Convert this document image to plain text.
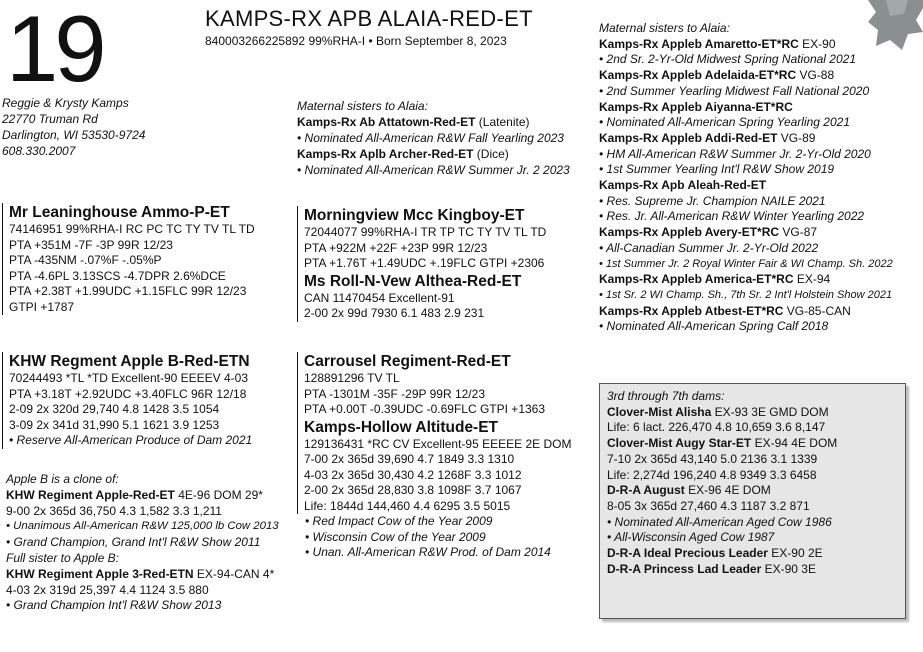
19
Reggie & Krysty Kamps
22770 Truman Rd
Darlington, WI 53530-9724
608.330.2007
KAMPS-RX APB ALAIA-RED-ET
840003266225892 99%RHA-I • Born September 8, 2023
Maternal sisters to Alaia:
Kamps-Rx Ab Attatown-Red-ET (Latenite)
• Nominated All-American R&W Fall Yearling 2023
Kamps-Rx Aplb Archer-Red-ET (Dice)
• Nominated All-American R&W Summer Jr. 2 2023
Mr Leaninghouse Ammo-P-ET
74146951 99%RHA-I RC PC TC TY TV TL TD
PTA +351M -7F -3P 99R 12/23
PTA -435NM -.07%F -.05%P
PTA -4.6PL 3.13SCS -4.7DPR 2.6%DCE
PTA +2.38T +1.99UDC +1.15FLC 99R 12/23
GTPI +1787
Morningview Mcc Kingboy-ET
72044077 99%RHA-I TR TP TC TY TV TL TD
PTA +922M +22F +23P 99R 12/23
PTA +1.76T +1.49UDC +.19FLC GTPI +2306
Ms Roll-N-Vew Althea-Red-ET
CAN 11470454 Excellent-91
2-00 2x 99d 7930 6.1 483 2.9 231
KHW Regment Apple B-Red-ETN
70244493 *TL *TD Excellent-90 EEEEV 4-03
PTA +3.18T +2.92UDC +3.40FLC 96R 12/18
2-09 2x 320d 29,740 4.8 1428 3.5 1054
3-09 2x 341d 31,990 5.1 1621 3.9 1253
• Reserve All-American Produce of Dam 2021
Apple B is a clone of:
KHW Regiment Apple-Red-ET 4E-96 DOM 29*
9-00 2x 365d 36,750 4.3 1,582 3.3 1,211
• Unanimous All-American R&W 125,000 lb Cow 2013
• Grand Champion, Grand Int'l R&W Show 2011
Full sister to Apple B:
KHW Regiment Apple 3-Red-ETN EX-94-CAN 4*
4-03 2x 319d 25,397 4.4 1124 3.5 880
• Grand Champion Int'l R&W Show 2013
Carrousel Regiment-Red-ET
128891296 TV TL
PTA -1301M -35F -29P 99R 12/23
PTA +0.00T -0.39UDC -0.69FLC GTPI +1363
Kamps-Hollow Altitude-ET
129136431 *RC CV Excellent-95 EEEEE 2E DOM
7-00 2x 365d 39,690 4.7 1849 3.3 1310
4-03 2x 365d 30,430 4.2 1268F 3.3 1012
2-00 2x 365d 28,830 3.8 1098F 3.7 1067
Life: 1844d 144,460 4.4 6295 3.5 5015
• Red Impact Cow of the Year 2009
• Wisconsin Cow of the Year 2009
• Unan. All-American R&W Prod. of Dam 2014
Maternal sisters to Alaia:
Kamps-Rx Appleb Amaretto-ET*RC EX-90
• 2nd Sr. 2-Yr-Old Midwest Spring National 2021
Kamps-Rx Appleb Adelaida-ET*RC VG-88
• 2nd Summer Yearling Midwest Fall National 2020
Kamps-Rx Appleb Aiyanna-ET*RC
• Nominated All-American Spring Yearling 2021
Kamps-Rx Appleb Addi-Red-ET VG-89
• HM All-American R&W Summer Jr. 2-Yr-Old 2020
• 1st Summer Yearling Int'l R&W Show 2019
Kamps-Rx Apb Aleah-Red-ET
• Res. Supreme Jr. Champion NAILE 2021
• Res. Jr. All-American R&W Winter Yearling 2022
Kamps-Rx Appleb Avery-ET*RC VG-87
• All-Canadian Summer Jr. 2-Yr-Old 2022
• 1st Summer Jr. 2 Royal Winter Fair & WI Champ. Sh. 2022
Kamps-Rx Appleb America-ET*RC EX-94
• 1st Sr. 2 WI Champ. Sh., 7th Sr. 2 Int'l Holstein Show 2021
Kamps-Rx Appleb Atbest-ET*RC VG-85-CAN
• Nominated All-American Spring Calf 2018
3rd through 7th dams:
Clover-Mist Alisha EX-93 3E GMD DOM
Life: 6 lact. 226,470 4.8 10,659 3.6 8,147
Clover-Mist Augy Star-ET EX-94 4E DOM
7-10 2x 365d 43,140 5.0 2136 3.1 1339
Life: 2,274d 196,240 4.8 9349 3.3 6458
D-R-A August EX-96 4E DOM
8-05 3x 365d 27,460 4.3 1187 3.2 871
• Nominated All-American Aged Cow 1986
• All-Wisconsin Aged Cow 1987
D-R-A Ideal Precious Leader EX-90 2E
D-R-A Princess Lad Leader EX-90 3E
